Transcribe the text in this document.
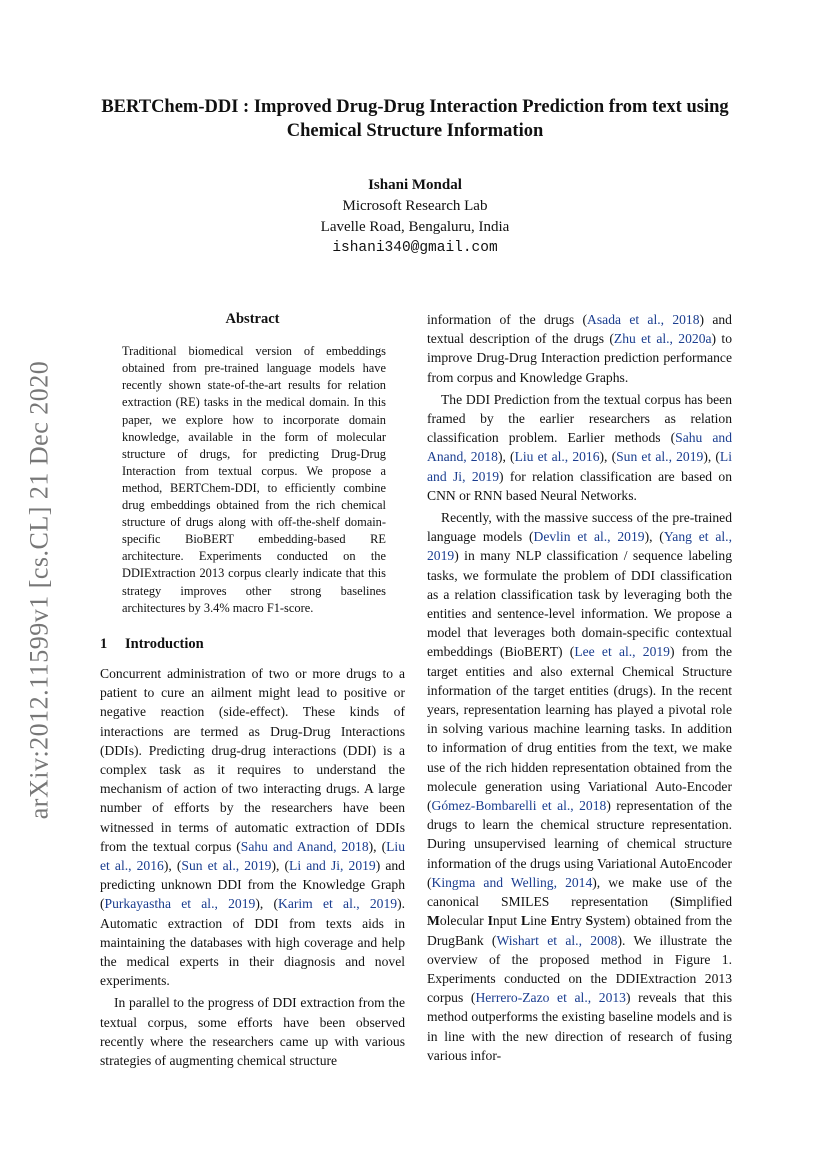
arXiv:2012.11599v1 [cs.CL] 21 Dec 2020
BERTChem-DDI : Improved Drug-Drug Interaction Prediction from text using Chemical Structure Information
Ishani Mondal
Microsoft Research Lab
Lavelle Road, Bengaluru, India
ishani340@gmail.com
Abstract

Traditional biomedical version of embeddings obtained from pre-trained language models have recently shown state-of-the-art results for relation extraction (RE) tasks in the medical domain. In this paper, we explore how to incorporate domain knowledge, available in the form of molecular structure of drugs, for predicting Drug-Drug Interaction from textual corpus. We propose a method, BERTChem-DDI, to efficiently combine drug embeddings obtained from the rich chemical structure of drugs along with off-the-shelf domain-specific BioBERT embedding-based RE architecture. Experiments conducted on the DDIExtraction 2013 corpus clearly indicate that this strategy improves other strong baselines architectures by 3.4% macro F1-score.

1 Introduction

Concurrent administration of two or more drugs to a patient to cure an ailment might lead to positive or negative reaction (side-effect). These kinds of interactions are termed as Drug-Drug Interactions (DDIs). Predicting drug-drug interactions (DDI) is a complex task as it requires to understand the mechanism of action of two interacting drugs. A large number of efforts by the researchers have been witnessed in terms of automatic extraction of DDIs from the textual corpus (Sahu and Anand, 2018), (Liu et al., 2016), (Sun et al., 2019), (Li and Ji, 2019) and predicting unknown DDI from the Knowledge Graph (Purkayastha et al., 2019), (Karim et al., 2019). Automatic extraction of DDI from texts aids in maintaining the databases with high coverage and help the medical experts in their diagnosis and novel experiments.

In parallel to the progress of DDI extraction from the textual corpus, some efforts have been observed recently where the researchers came up with various strategies of augmenting chemical structure

information of the drugs (Asada et al., 2018) and textual description of the drugs (Zhu et al., 2020a) to improve Drug-Drug Interaction prediction performance from corpus and Knowledge Graphs.

The DDI Prediction from the textual corpus has been framed by the earlier researchers as relation classification problem. Earlier methods (Sahu and Anand, 2018), (Liu et al., 2016), (Sun et al., 2019), (Li and Ji, 2019) for relation classification are based on CNN or RNN based Neural Networks.

Recently, with the massive success of the pre-trained language models (Devlin et al., 2019), (Yang et al., 2019) in many NLP classification / sequence labeling tasks, we formulate the problem of DDI classification as a relation classification task by leveraging both the entities and sentence-level information. We propose a model that leverages both domain-specific contextual embeddings (BioBERT) (Lee et al., 2019) from the target entities and also external Chemical Structure information of the target entities (drugs). In the recent years, representation learning has played a pivotal role in solving various machine learning tasks. In addition to information of drug entities from the text, we make use of the rich hidden representation obtained from the molecule generation using Variational Auto-Encoder (Gómez-Bombarelli et al., 2018) representation of the drugs to learn the chemical structure representation. During unsupervised learning of chemical structure information of the drugs using Variational AutoEncoder (Kingma and Welling, 2014), we make use of the canonical SMILES representation (Simplified Molecular Input Line Entry System) obtained from the DrugBank (Wishart et al., 2008). We illustrate the overview of the proposed method in Figure 1. Experiments conducted on the DDIExtraction 2013 corpus (Herrero-Zazo et al., 2013) reveals that this method outperforms the existing baseline models and is in line with the new direction of research of fusing various infor-
